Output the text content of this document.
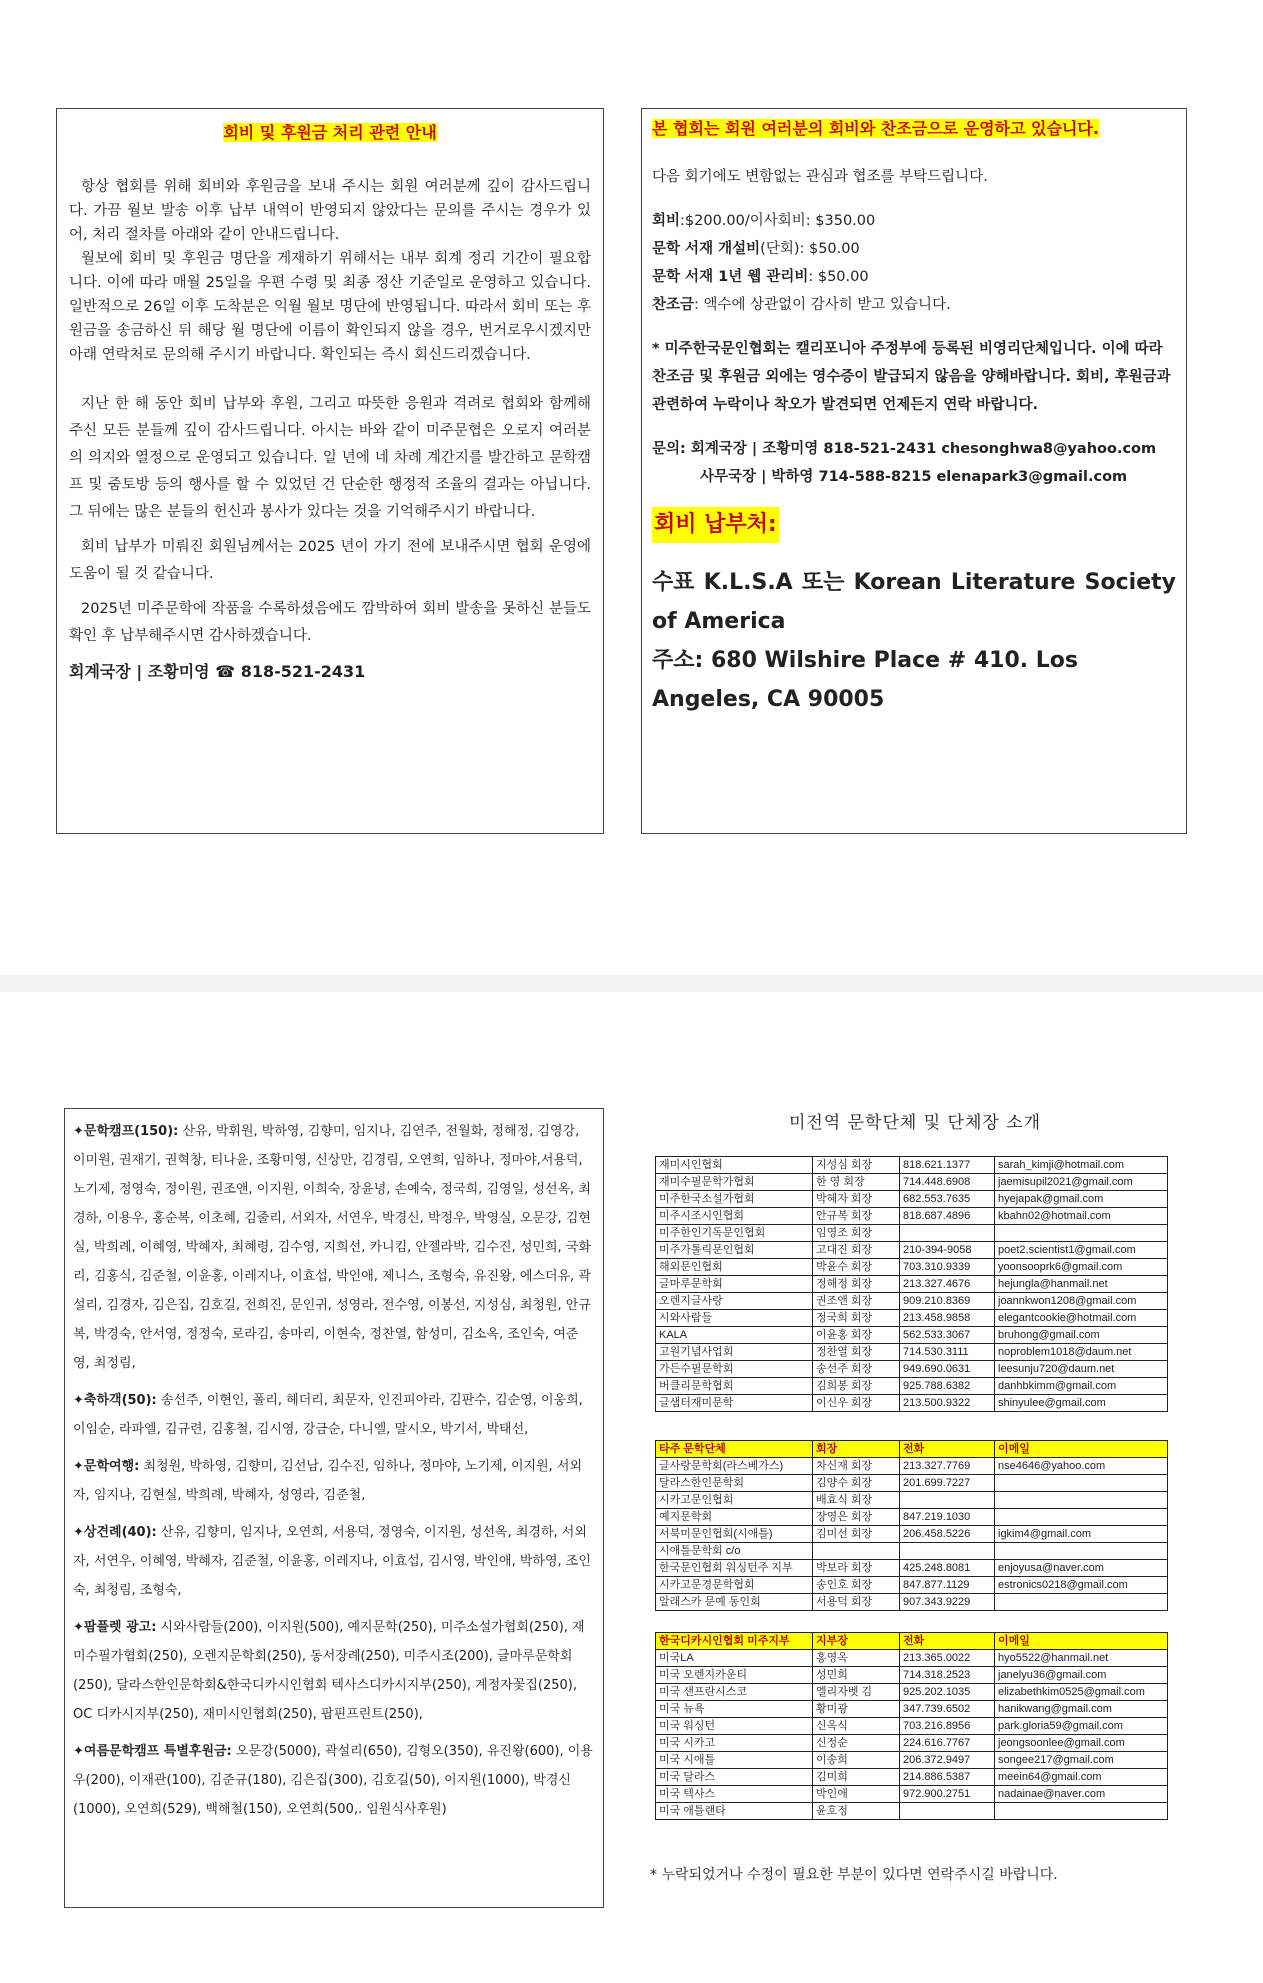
회비 및 후원금 처리 관련 안내

항상 협회를 위해 회비와 후원금을 보내 주시는 회원 여러분께 깊이 감사드립니다. 가끔 월보 발송 이후 납부 내역이 반영되지 않았다는 문의를 주시는 경우가 있어, 처리 절차를 아래와 같이 안내드립니다.

월보에 회비 및 후원금 명단을 게재하기 위해서는 내부 회계 정리 기간이 필요합니다. 이에 따라 매월 25일을 우편 수령 및 최종 정산 기준일로 운영하고 있습니다. 일반적으로 26일 이후 도착분은 익월 월보 명단에 반영됩니다. 따라서 회비 또는 후원금을 송금하신 뒤 해당 월 명단에 이름이 확인되지 않을 경우, 번거로우시겠지만 아래 연락처로 문의해 주시기 바랍니다. 확인되는 즉시 회신드리겠습니다.

지난 한 해 동안 회비 납부와 후원, 그리고 따뜻한 응원과 격려로 협회와 함께해 주신 모든 분들께 깊이 감사드립니다. 아시는 바와 같이 미주문협은 오로지 여러분의 의지와 열정으로 운영되고 있습니다. 일 년에 네 차례 계간지를 발간하고 문학캠프 및 줌토방 등의 행사를 할 수 있었던 건 단순한 행정적 조율의 결과는 아닙니다. 그 뒤에는 많은 분들의 헌신과 봉사가 있다는 것을 기억해주시기 바랍니다.

회비 납부가 미뤄진 회원님께서는 2025 년이 가기 전에 보내주시면 협회 운영에 도움이 될 것 같습니다.

2025년 미주문학에 작품을 수록하셨음에도 깜박하여 회비 발송을 못하신 분들도 확인 후 납부해주시면 감사하겠습니다.

회계국장 | 조황미영 ☎ 818-521-2431

본 협회는 회원 여러분의 회비와 찬조금으로 운영하고 있습니다.

다음 회기에도 변함없는 관심과 협조를 부탁드립니다.

회비:$200.00/이사회비: $350.00

문학 서재 개설비(단회): $50.00

문학 서재 1년 웹 관리비: $50.00

찬조금: 액수에 상관없이 감사히 받고 있습니다.

* 미주한국문인협회는 캘리포니아 주정부에 등록된 비영리단체입니다. 이에 따라 찬조금 및 후원금 외에는 영수증이 발급되지 않음을 양해바랍니다. 회비, 후원금과 관련하여 누락이나 착오가 발견되면 언제든지 연락 바랍니다.

문의: 회계국장 | 조황미영 818-521-2431 chesonghwa8@yahoo.com

사무국장 | 박하영 714-588-8215 elenapark3@gmail.com

회비 납부처:

수표 K.L.S.A 또는 Korean Literature Society of America

주소: 680 Wilshire Place # 410. Los Angeles, CA 90005

✦문학캠프(150): 산유, 박휘원, 박하영, 김향미, 임지나, 김연주, 전월화, 정해정, 김영강, 이미원, 권재기, 권혁창, 티나윤, 조황미영, 신상만, 김경림, 오연희, 임하나, 정마야,서용덕, 노기제, 정영숙, 정이원, 권조앤, 이지원, 이희숙, 장윤녕, 손예숙, 정국희, 김영일, 성선옥, 최경하, 이용우, 홍순복, 이초혜, 김줄리, 서외자, 서연우, 박경신, 박정우, 박영실, 오문강, 김현실, 박희례, 이혜영, 박혜자, 최혜령, 김수영, 지희선, 카니킴, 안젤라박, 김수진, 성민희, 국화리, 김홍식, 김준철, 이윤홍, 이레지나, 이효섭, 박인애, 제니스, 조형숙, 유진왕, 에스더유, 곽설리, 김경자, 김은집, 김호길, 전희진, 문인귀, 성영라, 전수영, 이봉선, 지성심, 최청원, 안규복, 박경숙, 안서영, 정정숙, 로라김, 송마리, 이현숙, 정찬열, 함성미, 김소옥, 조인숙, 여준영, 최정림,

✦축하객(50): 송선주, 이현인, 폴리, 헤더리, 최문자, 인진피아라, 김판수, 김순영, 이웅희, 이임순, 라파엘, 김규련, 김홍철, 김시영, 강금순, 다니엘, 말시오, 박기서, 박태선,

✦문학여행: 최청원, 박하영, 김향미, 김선남, 김수진, 임하나, 정마야, 노기제, 이지원, 서외자, 임지나, 김현실, 박희례, 박혜자, 성영라, 김준철,

✦상견례(40): 산유, 김향미, 임지나, 오연희, 서용덕, 정영숙, 이지원, 성선옥, 최경하, 서외자, 서연우, 이혜영, 박혜자, 김준철, 이윤홍, 이레지나, 이효섭, 김시영, 박인애, 박하영, 조인숙, 최청림, 조형숙,

✦팜플렛 광고: 시와사람들(200), 이지원(500), 예지문학(250), 미주소설가협회(250), 재미수필가협회(250), 오렌지문학회(250), 동서장례(250), 미주시조(200), 글마루문학회(250), 달라스한인문학회&한국디카시인협회 텍사스디카시지부(250), 계정자꽃집(250), OC 디카시지부(250), 재미시인협회(250), 팝핀프린트(250),

✦여름문학캠프 특별후원금: 오문강(5000), 곽설리(650), 김형오(350), 유진왕(600), 이용우(200), 이재관(100), 김준규(180), 김은집(300), 김호길(50), 이지원(1000), 박경신(1000), 오연희(529), 백해철(150), 오연희(500,. 임원식사후원)

미전역 문학단체 및 단체장 소개
재미시인협회	지성심 회장	818.621.1377	sarah_kimji@hotmail.com
재미수필문학가협회	한 영 회장	714.448.6908	jaemisupil2021@gmail.com
미주한국소설가협회	박혜자 회장	682.553.7635	hyejapak@gmail.com
미주시조시인협회	안규복 회장	818.687.4896	kbahn02@hotmail.com
미주한인기독문인협회	임영조 회장		
미주가톨릭문인협회	고대진 회장	210-394-9058	poet2.scientist1@gmail.com
해외문인협회	박윤수 회장	703.310.9339	yoonsooprk6@gmail.com
글마루문학회	정해정 회장	213.327.4676	hejungla@hanmail.net
오렌지글사랑	권조앤 회장	909.210.8369	joannkwon1208@gmail.com
시와사람들	정국희 회장	213.458.9858	elegantcookie@hotmail.com
KALA	이윤홍 회장	562.533.3067	bruhong@gmail.com
고원기념사업회	정찬열 회장	714.530.3111	noproblem1018@daum.net
가든수필문학회	송선주 회장	949.690.0631	leesunju720@daum.net
버클리문학협회	김희봉 회장	925.788.6382	danhbkimm@gmail.com
글샘터재미문학	이신우 회장	213.500.9322	shinyulee@gmail.com
타주 문학단체	회장	전화	이메일
글사랑문학회(라스베가스)	차신재 회장	213.327.7769	nse4646@yahoo.com
달라스한인문학회	김양수 회장	201.699.7227	
시카고문인협회	배효식 회장		
예지문학회	장영은 회장	847.219.1030	
서북미문인협회(시애틀)	김미선 회장	206.458.5226	igkim4@gmail.com
시애틀문학회 c/o			
한국문인협회 워싱턴주 지부	박보라 회장	425.248.8081	enjoyusa@naver.com
시카고문경문학협회	송인호 회장	847.877.1129	estronics0218@gmail.com
알래스카 문예 동인회	서용덕 회장	907.343.9229	
한국디카시인협회 미주지부	지부장	전화	이메일
미국LA	홍영옥	213.365.0022	hyo5522@hanmail.net
미국 오렌지카운티	성민희	714.318.2523	janelyu36@gmail.com
미국 샌프란시스코	엘리자벳 김	925.202.1035	elizabethkim0525@gmail.com
미국 뉴욕	황미광	347.739.6502	hanikwang@gmail.com
미국 워싱턴	신옥식	703.216.8956	park.gloria59@gmail.com
미국 시카고	신정순	224.616.7767	jeongsoonlee@gmail.com
미국 시애틀	이송희	206.372.9497	songee217@gmail.com
미국 달라스	김미희	214.886.5387	meein64@gmail.com
미국 텍사스	박인애	972.900.2751	nadainae@naver.com
미국 애틀랜타	윤호정		
* 누락되었거나 수정이 필요한 부분이 있다면 연락주시길 바랍니다.
